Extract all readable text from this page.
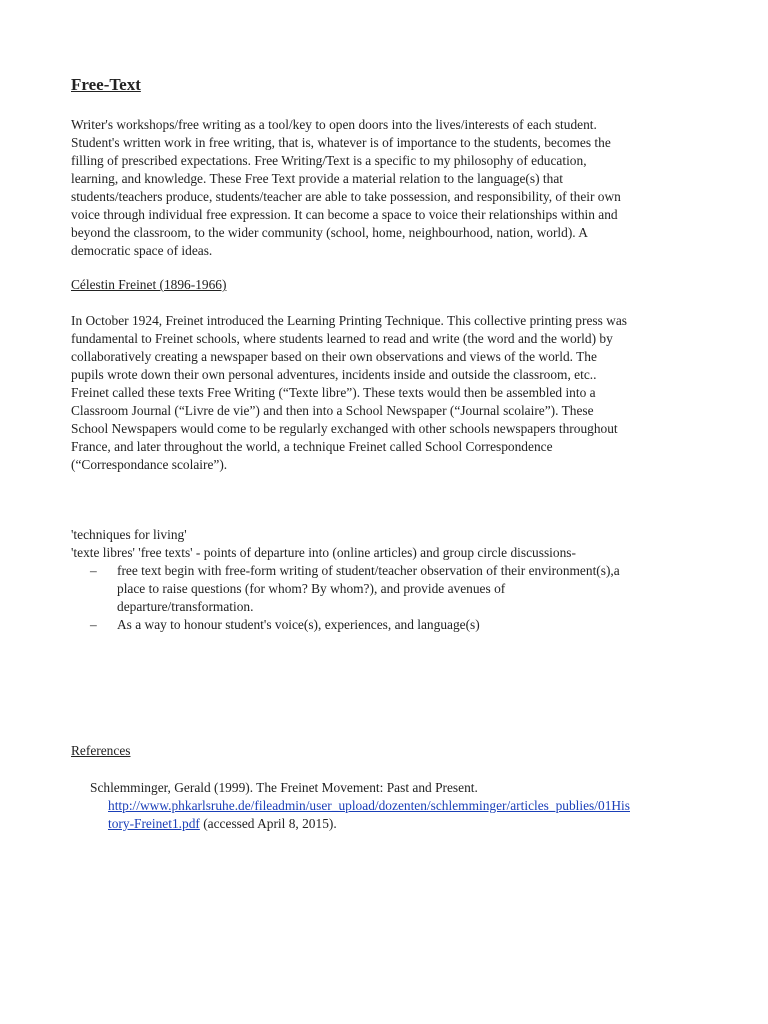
Free-Text

Writer's workshops/free writing as a tool/key to open doors into the lives/interests of each student.
Student's written work in free writing, that is, whatever is of importance to the students, becomes the
filling of prescribed expectations. Free Writing/Text is a specific to my philosophy of education,
learning, and knowledge. These Free Text provide a material relation to the language(s) that
students/teachers produce, students/teacher are able to take possession, and responsibility, of their own
voice through individual free expression. It can become a space to voice their relationships within and
beyond the classroom, to the wider community (school, home, neighbourhood, nation, world). A
democratic space of ideas.

Célestin Freinet (1896-1966)

In October 1924, Freinet introduced the Learning Printing Technique. This collective printing press was
fundamental to Freinet schools, where students learned to read and write (the word and the world) by
collaboratively creating a newspaper based on their own observations and views of the world. The
pupils wrote down their own personal adventures, incidents inside and outside the classroom, etc..
Freinet called these texts Free Writing (“Texte libre”). These texts would then be assembled into a
Classroom Journal (“Livre de vie”) and then into a School Newspaper (“Journal scolaire”). These
School Newspapers would come to be regularly exchanged with other schools newspapers throughout
France, and later throughout the world, a technique Freinet called School Correspondence
(“Correspondance scolaire”).

'techniques for living'
'texte libres' 'free texts' - points of departure into (online articles) and group circle discussions-

– free text begin with free-form writing of student/teacher observation of their environment(s),a
place to raise questions (for whom? By whom?), and provide avenues of
departure/transformation.
– As a way to honour student's voice(s), experiences, and language(s)

References

Schlemminger, Gerald (1999). The Freinet Movement: Past and Present.
http://www.phkarlsruhe.de/fileadmin/user_upload/dozenten/schlemminger/articles_publies/01His
tory-Freinet1.pdf (accessed April 8, 2015).
